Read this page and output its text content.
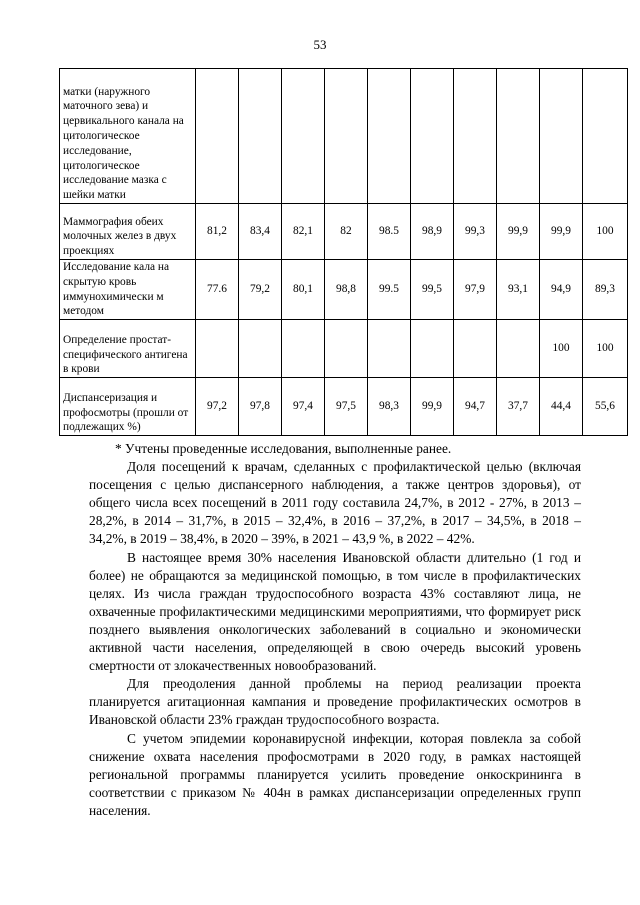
53
матки (наружного маточного зева) и цервикального канала на цитологическое исследование, цитологическое исследование мазка с шейки матки										
Маммография обеих молочных желез в двух проекциях	81,2	83,4	82,1	82	98.5	98,9	99,3	99,9	99,9	100
Исследование кала на скрытую кровь иммунохимически м методом	77.6	79,2	80,1	98,8	99.5	99,5	97,9	93,1	94,9	89,3
Определение простат-специфического антигена в крови									100	100
Диспансеризация и профосмотры (прошли от подлежащих %)	97,2	97,8	97,4	97,5	98,3	99,9	94,7	37,7	44,4	55,6

* Учтены проведенные исследования, выполненные ранее.

Доля посещений к врачам, сделанных с профилактической целью (включая посещения с целью диспансерного наблюдения, а также центров здоровья), от общего числа всех посещений в 2011 году составила 24,7%, в 2012 - 27%, в 2013 – 28,2%, в 2014 – 31,7%, в 2015 – 32,4%, в 2016 – 37,2%, в 2017 – 34,5%, в 2018 – 34,2%, в 2019 – 38,4%, в 2020 – 39%, в 2021 – 43,9 %, в 2022 – 42%.

В настоящее время 30% населения Ивановской области длительно (1 год и более) не обращаются за медицинской помощью, в том числе в профилактических целях. Из числа граждан трудоспособного возраста 43% составляют лица, не охваченные профилактическими медицинскими мероприятиями, что формирует риск позднего выявления онкологических заболеваний в социально и экономически активной части населения, определяющей в свою очередь высокий уровень смертности от злокачественных новообразований.

Для преодоления данной проблемы на период реализации проекта планируется агитационная кампания и проведение профилактических осмотров в Ивановской области 23% граждан трудоспособного возраста.

С учетом эпидемии коронавирусной инфекции, которая повлекла за собой снижение охвата населения профосмотрами в 2020 году, в рамках настоящей региональной программы планируется усилить проведение онкоскрининга в соответствии с приказом № 404н в рамках диспансеризации определенных групп населения.
